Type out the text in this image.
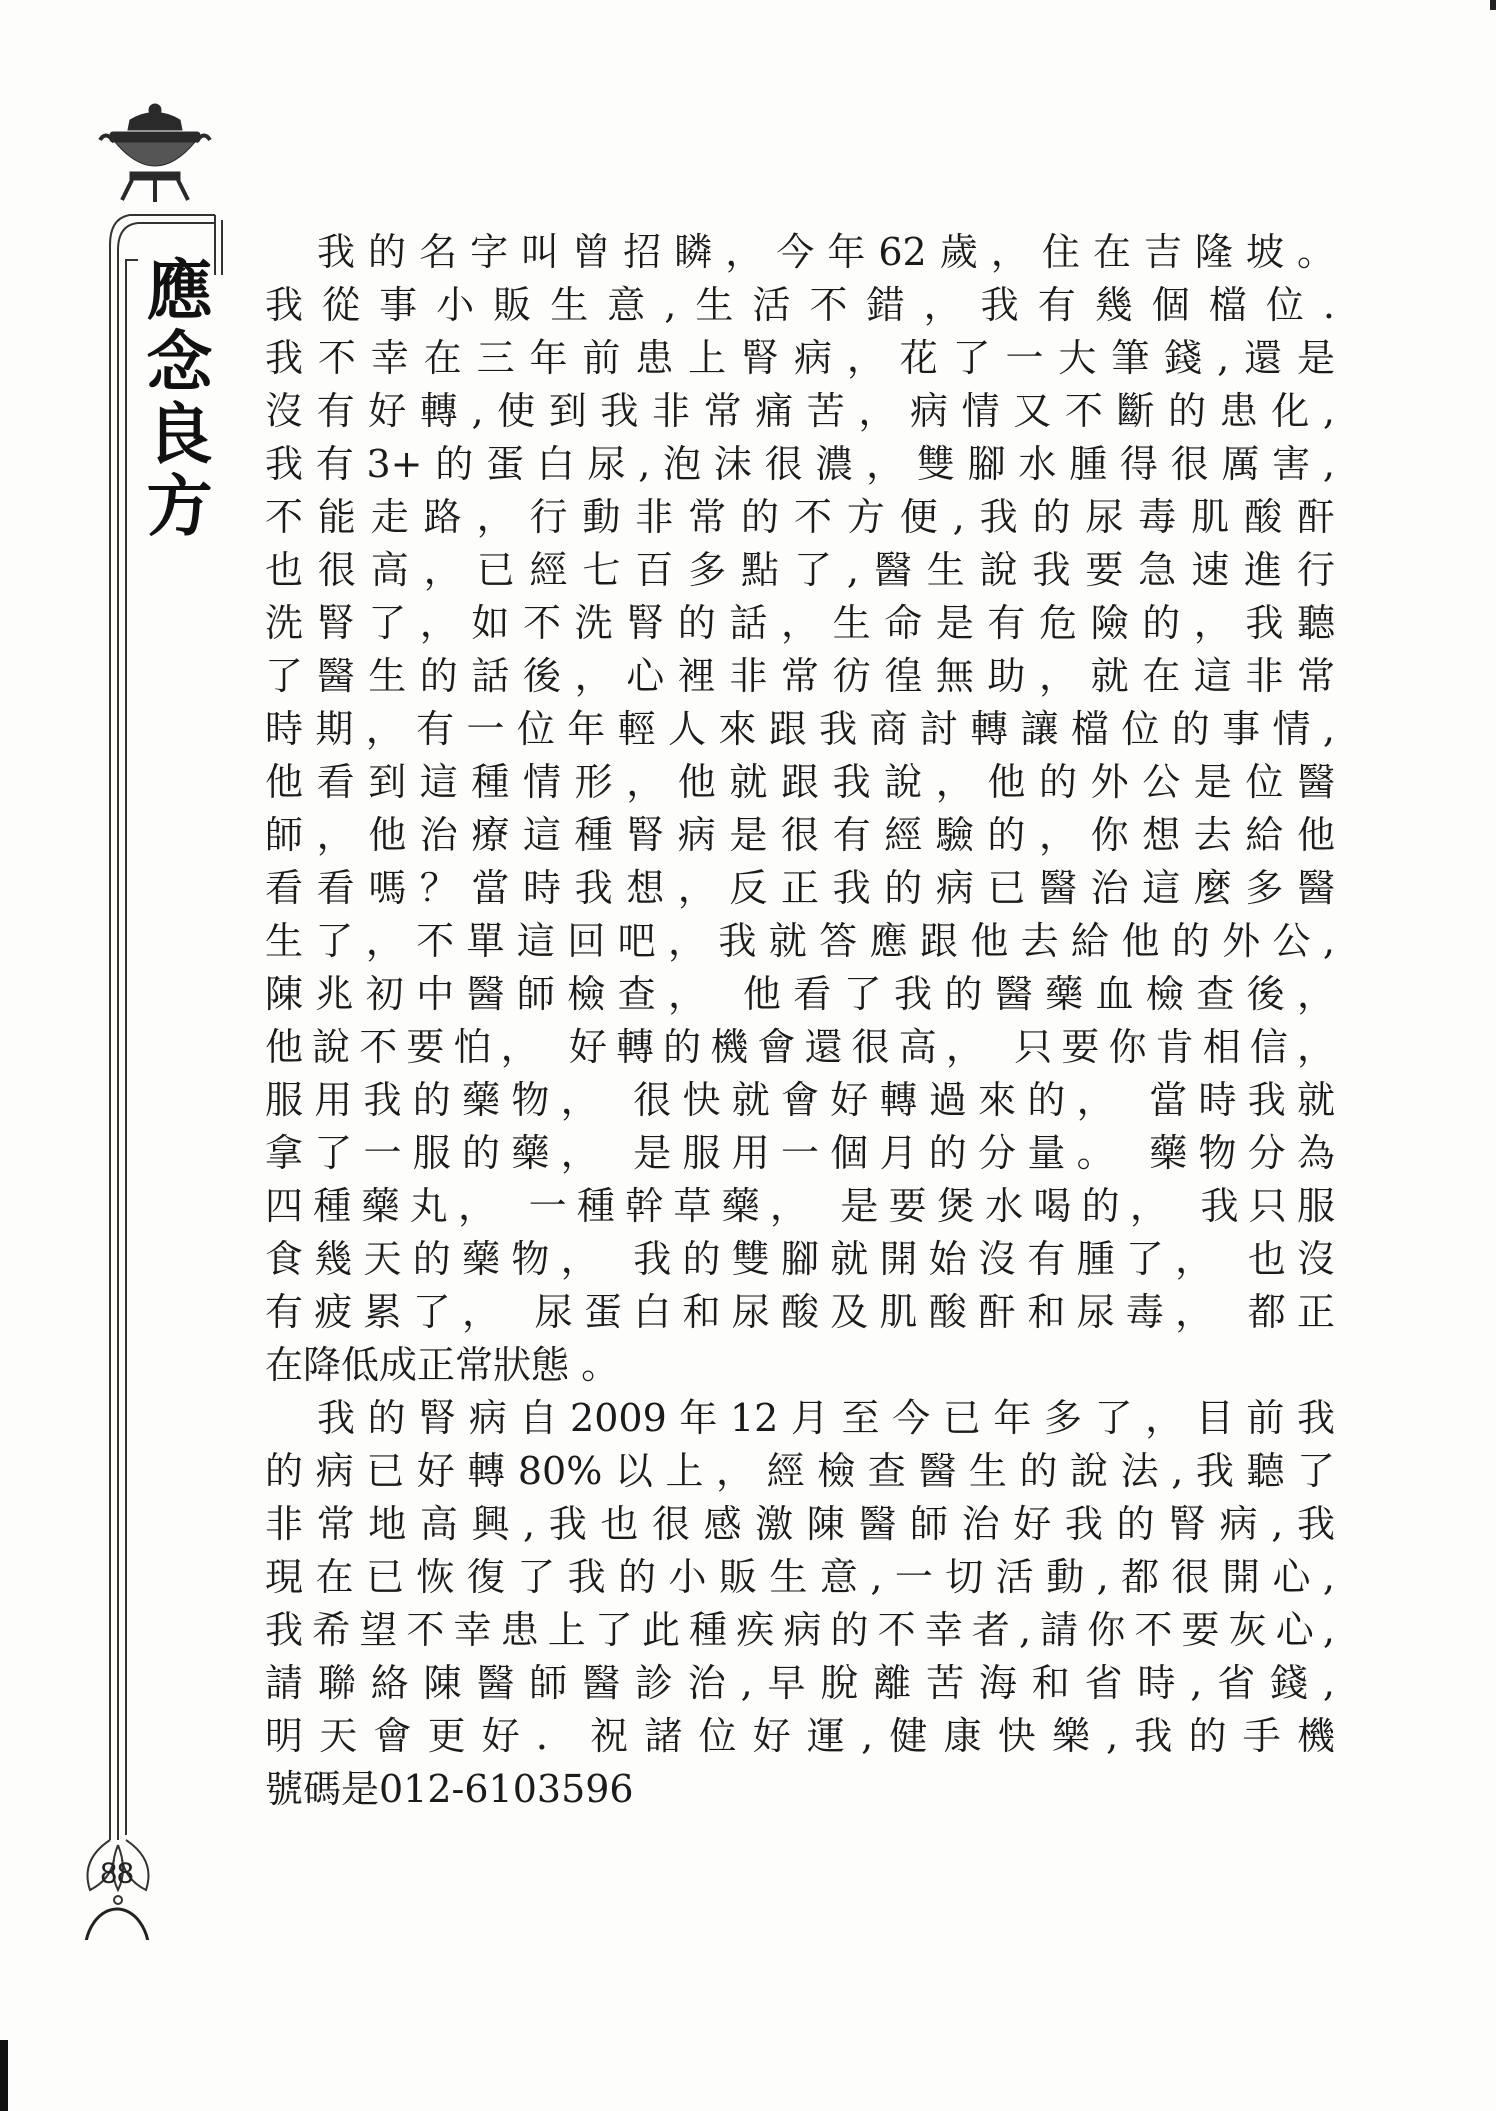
應念良方
88
我的名字叫曾招瞵，今年62歲，住在吉隆坡。
我從事小販生意,生活不錯，我有幾個檔位.
我不幸在三年前患上腎病，花了一大筆錢,還是
沒有好轉,使到我非常痛苦，病情又不斷的患化,
我有3+的蛋白尿,泡沫很濃，雙腳水腫得很厲害,
不能走路，行動非常的不方便,我的尿毒肌酸酐
也很高，已經七百多點了,醫生說我要急速進行
洗腎了，如不洗腎的話，生命是有危險的，我聽
了醫生的話後，心裡非常彷徨無助，就在這非常
時期，有一位年輕人來跟我商討轉讓檔位的事情,
他看到這種情形，他就跟我說，他的外公是位醫
師，他治療這種腎病是很有經驗的，你想去給他
看看嗎？當時我想，反正我的病已醫治這麼多醫
生了，不單這回吧，我就答應跟他去給他的外公,
陳兆初中醫師檢查， 他看了我的醫藥血檢查後，
他說不要怕， 好轉的機會還很高， 只要你肯相信，
服用我的藥物， 很快就會好轉過來的， 當時我就
拿了一服的藥， 是服用一個月的分量。 藥物分為
四種藥丸， 一種幹草藥， 是要煲水喝的， 我只服
食幾天的藥物， 我的雙腳就開始沒有腫了， 也沒
有疲累了， 尿蛋白和尿酸及肌酸酐和尿毒， 都正
在降低成正常狀態 。
我的腎病自2009年12月至今已年多了，目前我
的病已好轉80%以上，經檢查醫生的說法,我聽了
非常地高興,我也很感激陳醫師治好我的腎病,我
現在已恢復了我的小販生意,一切活動,都很開心,
我希望不幸患上了此種疾病的不幸者,請你不要灰心,
請聯絡陳醫師醫診治,早脫離苦海和省時,省錢,
明天會更好．祝諸位好運,健康快樂,我的手機
號碼是012-6103596
